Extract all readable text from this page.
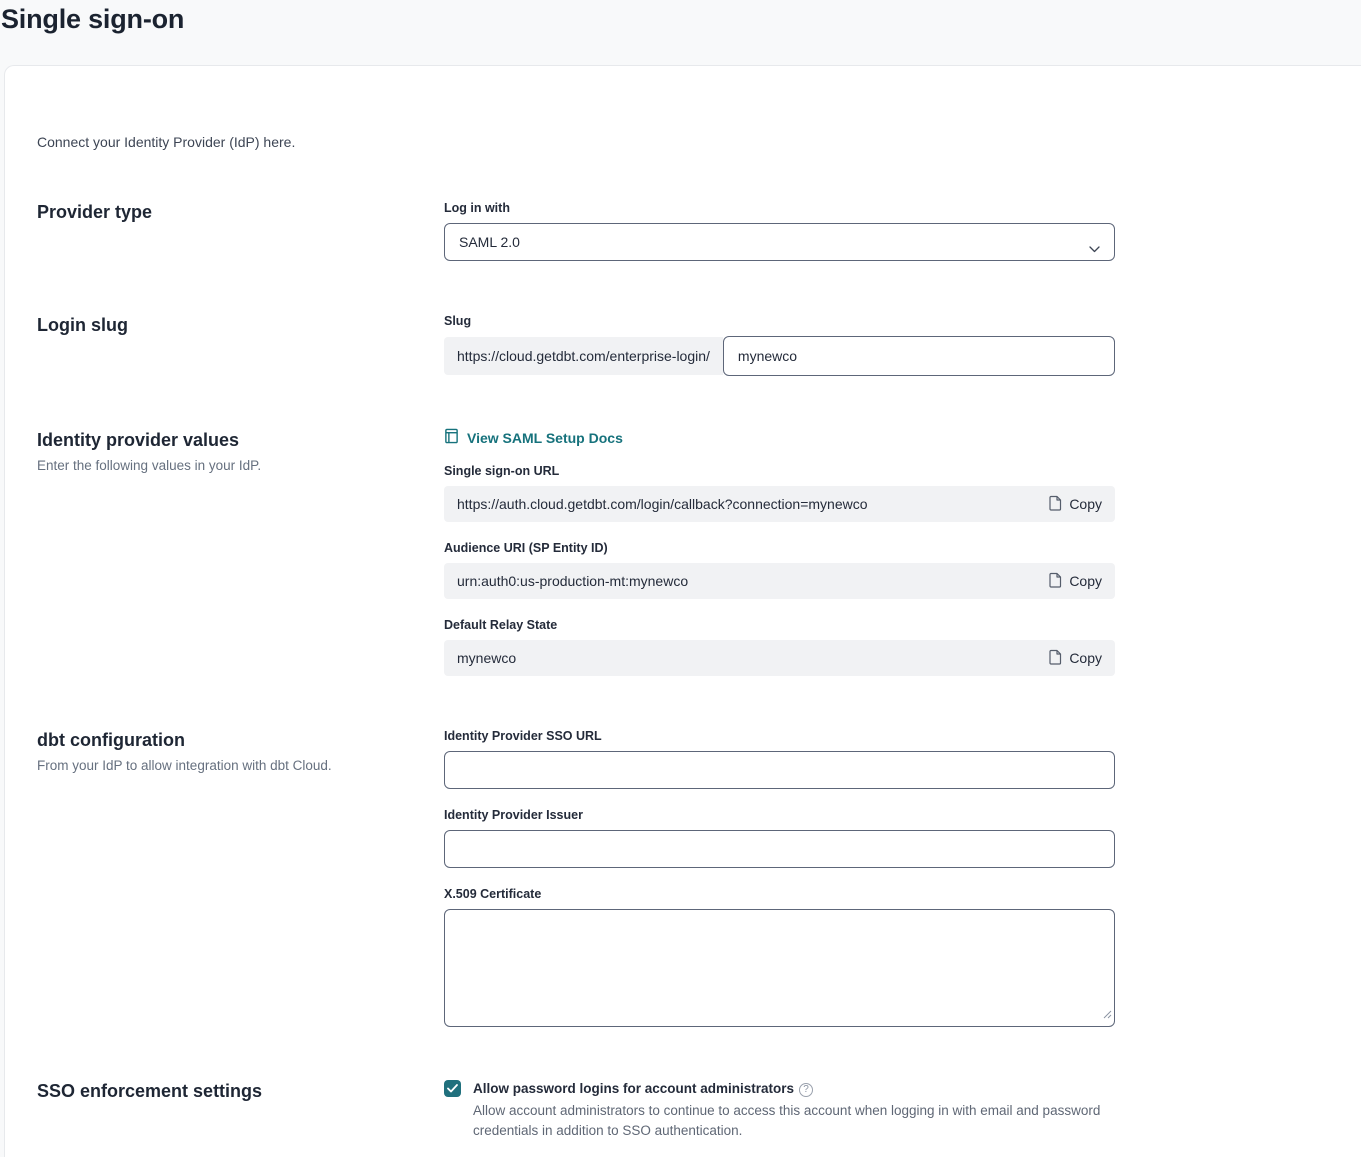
Single sign-on

Connect your Identity Provider (IdP) here.

Provider type	Log in with
SAML 2.0
Login slug	Slug
https://cloud.getdbt.com/enterprise-login/
mynewco
Identity provider values
Enter the following values in your IdP.
View SAML Setup Docs
Single sign-on URL
https://auth.cloud.getdbt.com/login/callback?connection=mynewco	Copy
Audience URI (SP Entity ID)
urn:auth0:us-production-mt:mynewco	Copy
Default Relay State
mynewco	Copy
dbt configuration
From your IdP to allow integration with dbt Cloud.
Identity Provider SSO URL
Identity Provider Issuer
X.509 Certificate
SSO enforcement settings	Allow password logins for account administrators ?
Allow account administrators to continue to access this account when logging in with email and password credentials in addition to SSO authentication.
